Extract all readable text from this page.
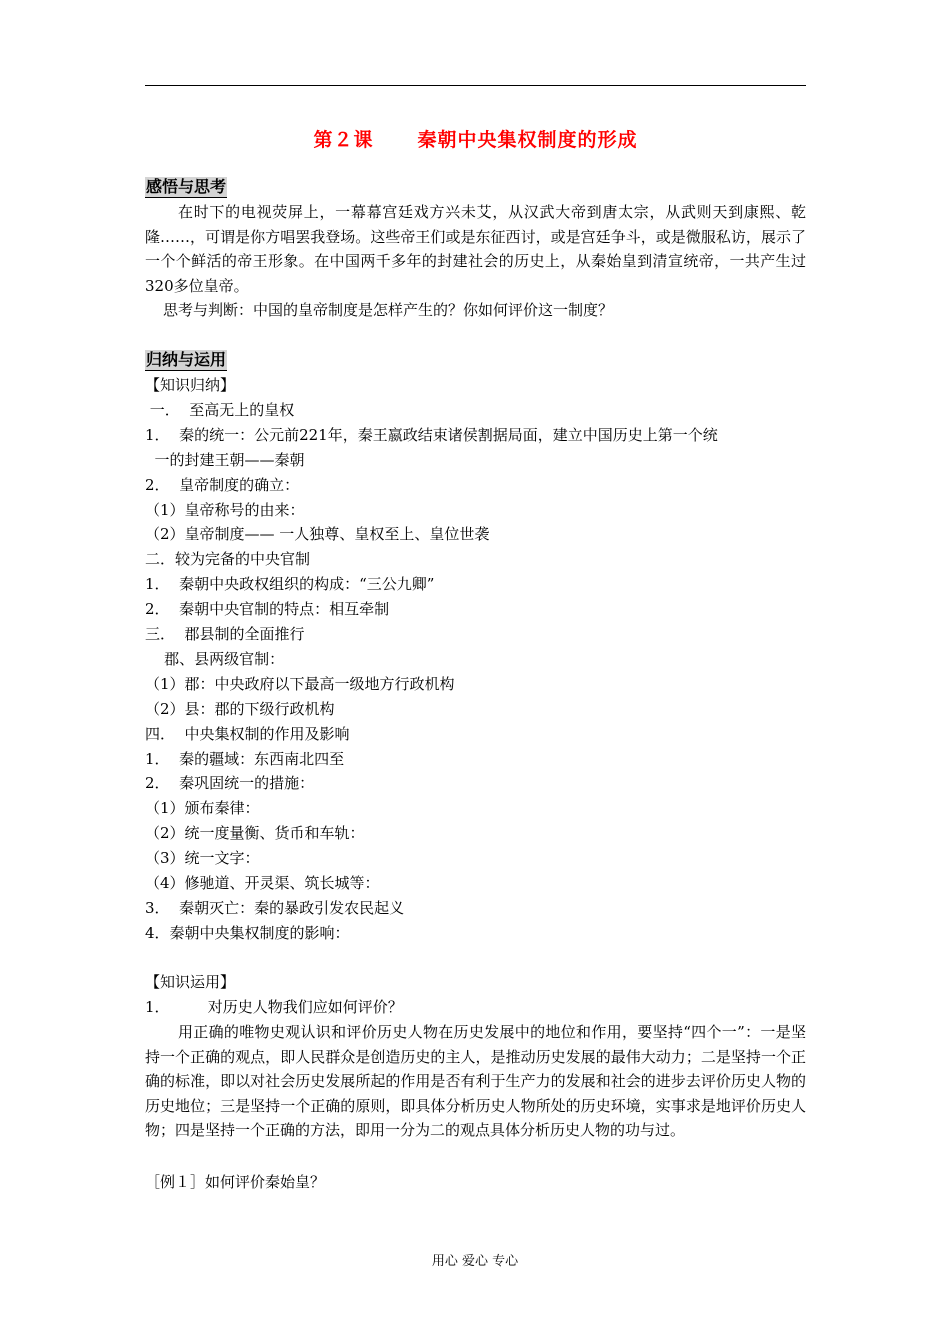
第２课 秦朝中央集权制度的形成
感悟与思考

在时下的电视荧屏上，一幕幕宫廷戏方兴未艾，从汉武大帝到唐太宗，从武则天到康熙、乾隆……，可谓是你方唱罢我登场。这些帝王们或是东征西讨，或是宫廷争斗，或是微服私访，展示了一个个鲜活的帝王形象。在中国两千多年的封建社会的历史上，从秦始皇到清宣统帝，一共产生过320多位皇帝。

思考与判断：中国的皇帝制度是怎样产生的？你如何评价这一制度？

归纳与运用
【知识归纳】
一．  至高无上的皇权
1．  秦的统一：公元前221年，秦王嬴政结束诸侯割据局面，建立中国历史上第一个统
一的封建王朝——秦朝
2．  皇帝制度的确立：
（1）皇帝称号的由来：
（2）皇帝制度—— 一人独尊、皇权至上、皇位世袭
二．较为完备的中央官制
1．  秦朝中央政权组织的构成：“三公九卿”
2．  秦朝中央官制的特点：相互牵制
三．  郡县制的全面推行
郡、县两级官制：
（1）郡：中央政府以下最高一级地方行政机构
（2）县：郡的下级行政机构
四．  中央集权制的作用及影响
1．  秦的疆域：东西南北四至
2．  秦巩固统一的措施：
（1）颁布秦律：
（2）统一度量衡、货币和车轨：
（3）统一文字：
（4）修驰道、开灵渠、筑长城等：
3．  秦朝灭亡：秦的暴政引发农民起义
4．秦朝中央集权制度的影响：
【知识运用】
1．        对历史人物我们应如何评价？

用正确的唯物史观认识和评价历史人物在历史发展中的地位和作用，要坚持“四个一”：一是坚持一个正确的观点，即人民群众是创造历史的主人，是推动历史发展的最伟大动力；二是坚持一个正确的标准，即以对社会历史发展所起的作用是否有利于生产力的发展和社会的进步去评价历史人物的历史地位；三是坚持一个正确的原则，即具体分析历史人物所处的历史环境，实事求是地评价历史人物；四是坚持一个正确的方法，即用一分为二的观点具体分析历史人物的功与过。

［例１］如何评价秦始皇？
用心 爱心 专心
